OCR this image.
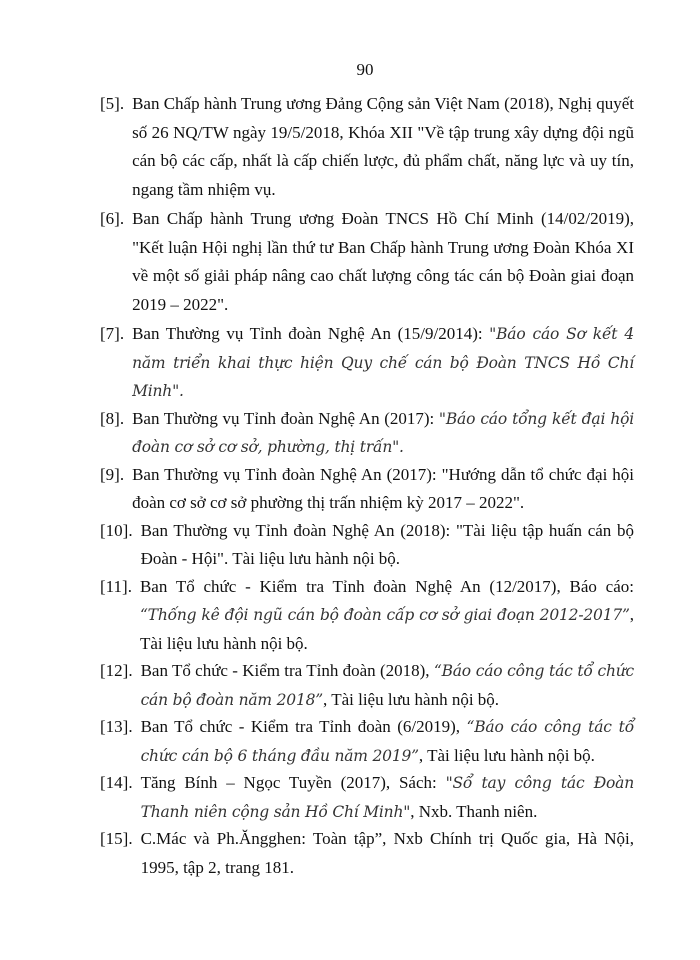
90
[5]. Ban Chấp hành Trung ương Đảng Cộng sản Việt Nam (2018), Nghị quyết số 26 NQ/TW ngày 19/5/2018, Khóa XII "Về tập trung xây dựng đội ngũ cán bộ các cấp, nhất là cấp chiến lược, đủ phẩm chất, năng lực và uy tín, ngang tầm nhiệm vụ.
[6]. Ban Chấp hành Trung ương Đoàn TNCS Hồ Chí Minh (14/02/2019), "Kết luận Hội nghị lần thứ tư Ban Chấp hành Trung ương Đoàn Khóa XI về một số giải pháp nâng cao chất lượng công tác cán bộ Đoàn giai đoạn 2019 – 2022".
[7]. Ban Thường vụ Tỉnh đoàn Nghệ An (15/9/2014): "Báo cáo Sơ kết 4 năm triển khai thực hiện Quy chế cán bộ Đoàn TNCS Hồ Chí Minh".
[8]. Ban Thường vụ Tỉnh đoàn Nghệ An (2017): "Báo cáo tổng kết đại hội đoàn cơ sở cơ sở, phường, thị trấn".
[9]. Ban Thường vụ Tỉnh đoàn Nghệ An (2017): "Hướng dẫn tổ chức đại hội đoàn cơ sở cơ sở phường thị trấn nhiệm kỳ 2017 – 2022".
[10]. Ban Thường vụ Tỉnh đoàn Nghệ An (2018): "Tài liệu tập huấn cán bộ Đoàn - Hội". Tài liệu lưu hành nội bộ.
[11]. Ban Tổ chức - Kiểm tra Tỉnh đoàn Nghệ An (12/2017), Báo cáo: “Thống kê đội ngũ cán bộ đoàn cấp cơ sở giai đoạn 2012-2017”, Tài liệu lưu hành nội bộ.
[12]. Ban Tổ chức - Kiểm tra Tỉnh đoàn (2018), “Báo cáo công tác tổ chức cán bộ đoàn năm 2018”, Tài liệu lưu hành nội bộ.
[13]. Ban Tổ chức - Kiểm tra Tỉnh đoàn (6/2019), “Báo cáo công tác tổ chức cán bộ 6 tháng đầu năm 2019”, Tài liệu lưu hành nội bộ.
[14]. Tăng Bính – Ngọc Tuyền (2017), Sách: "Sổ tay công tác Đoàn Thanh niên cộng sản Hồ Chí Minh", Nxb. Thanh niên.
[15]. C.Mác và Ph.Ăngghen: Toàn tập”, Nxb Chính trị Quốc gia, Hà Nội, 1995, tập 2, trang 181.
